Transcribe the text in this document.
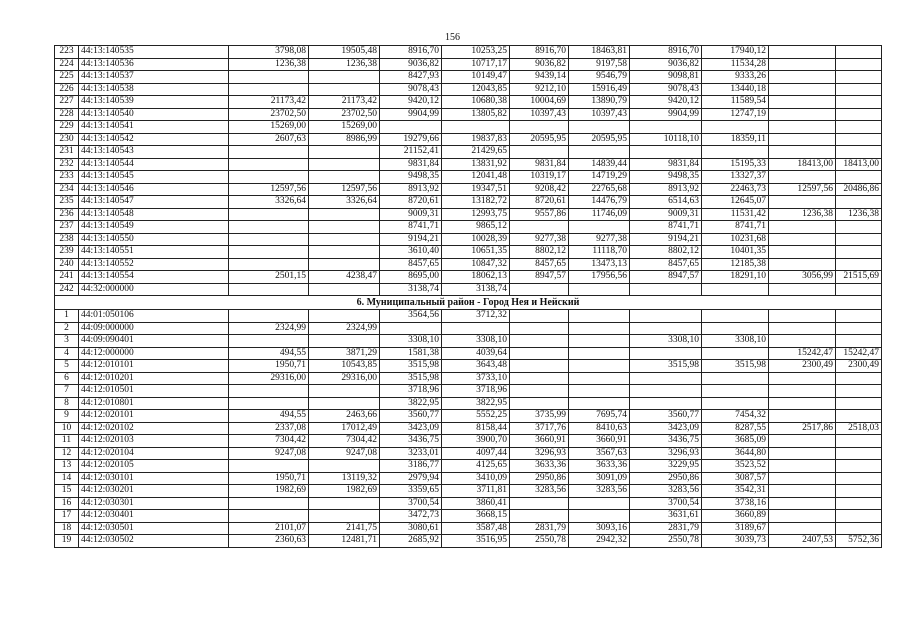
156
223	44:13:140535	3798,08	19505,48	8916,70	10253,25	8916,70	18463,81	8916,70	17940,12		
224	44:13:140536	1236,38	1236,38	9036,82	10717,17	9036,82	9197,58	9036,82	11534,28		
225	44:13:140537			8427,93	10149,47	9439,14	9546,79	9098,81	9333,26		
226	44:13:140538			9078,43	12043,85	9212,10	15916,49	9078,43	13440,18		
227	44:13:140539	21173,42	21173,42	9420,12	10680,38	10004,69	13890,79	9420,12	11589,54		
228	44:13:140540	23702,50	23702,50	9904,99	13805,82	10397,43	10397,43	9904,99	12747,19		
229	44:13:140541	15269,00	15269,00								
230	44:13:140542	2607,63	8986,99	19279,66	19837,83	20595,95	20595,95	10118,10	18359,11		
231	44:13:140543			21152,41	21429,65						
232	44:13:140544			9831,84	13831,92	9831,84	14839,44	9831,84	15195,33	18413,00	18413,00
233	44:13:140545			9498,35	12041,48	10319,17	14719,29	9498,35	13327,37		
234	44:13:140546	12597,56	12597,56	8913,92	19347,51	9208,42	22765,68	8913,92	22463,73	12597,56	20486,86
235	44:13:140547	3326,64	3326,64	8720,61	13182,72	8720,61	14476,79	6514,63	12645,07		
236	44:13:140548			9009,31	12993,75	9557,86	11746,09	9009,31	11531,42	1236,38	1236,38
237	44:13:140549			8741,71	9865,12			8741,71	8741,71		
238	44:13:140550			9194,21	10028,39	9277,38	9277,38	9194,21	10231,68		
239	44:13:140551			3610,40	10651,35	8802,12	11118,70	8802,12	10401,35		
240	44:13:140552			8457,65	10847,32	8457,65	13473,13	8457,65	12185,38		
241	44:13:140554	2501,15	4238,47	8695,00	18062,13	8947,57	17956,56	8947,57	18291,10	3056,99	21515,69
242	44:32:000000			3138,74	3138,74						
6. Муниципальный район - Город Нея и Нейский											
1	44:01:050106			3564,56	3712,32						
2	44:09:000000	2324,99	2324,99								
3	44:09:090401			3308,10	3308,10			3308,10	3308,10		
4	44:12:000000	494,55	3871,29	1581,38	4039,64					15242,47	15242,47
5	44:12:010101	1950,71	10543,85	3515,98	3643,48			3515,98	3515,98	2300,49	2300,49
6	44:12:010201	29316,00	29316,00	3515,98	3733,10						
7	44:12:010501			3718,96	3718,96						
8	44:12:010801			3822,95	3822,95						
9	44:12:020101	494,55	2463,66	3560,77	5552,25	3735,99	7695,74	3560,77	7454,32		
10	44:12:020102	2337,08	17012,49	3423,09	8158,44	3717,76	8410,63	3423,09	8287,55	2517,86	2518,03
11	44:12:020103	7304,42	7304,42	3436,75	3900,70	3660,91	3660,91	3436,75	3685,09		
12	44:12:020104	9247,08	9247,08	3233,01	4097,44	3296,93	3567,63	3296,93	3644,80		
13	44:12:020105			3186,77	4125,65	3633,36	3633,36	3229,95	3523,52		
14	44:12:030101	1950,71	13119,32	2979,94	3410,09	2950,86	3091,09	2950,86	3087,57		
15	44:12:030201	1982,69	1982,69	3359,65	3711,81	3283,56	3283,56	3283,56	3542,31		
16	44:12:030301			3700,54	3860,41			3700,54	3738,16		
17	44:12:030401			3472,73	3668,15			3631,61	3660,89		
18	44:12:030501	2101,07	2141,75	3080,61	3587,48	2831,79	3093,16	2831,79	3189,67		
19	44:12:030502	2360,63	12481,71	2685,92	3516,95	2550,78	2942,32	2550,78	3039,73	2407,53	5752,36
